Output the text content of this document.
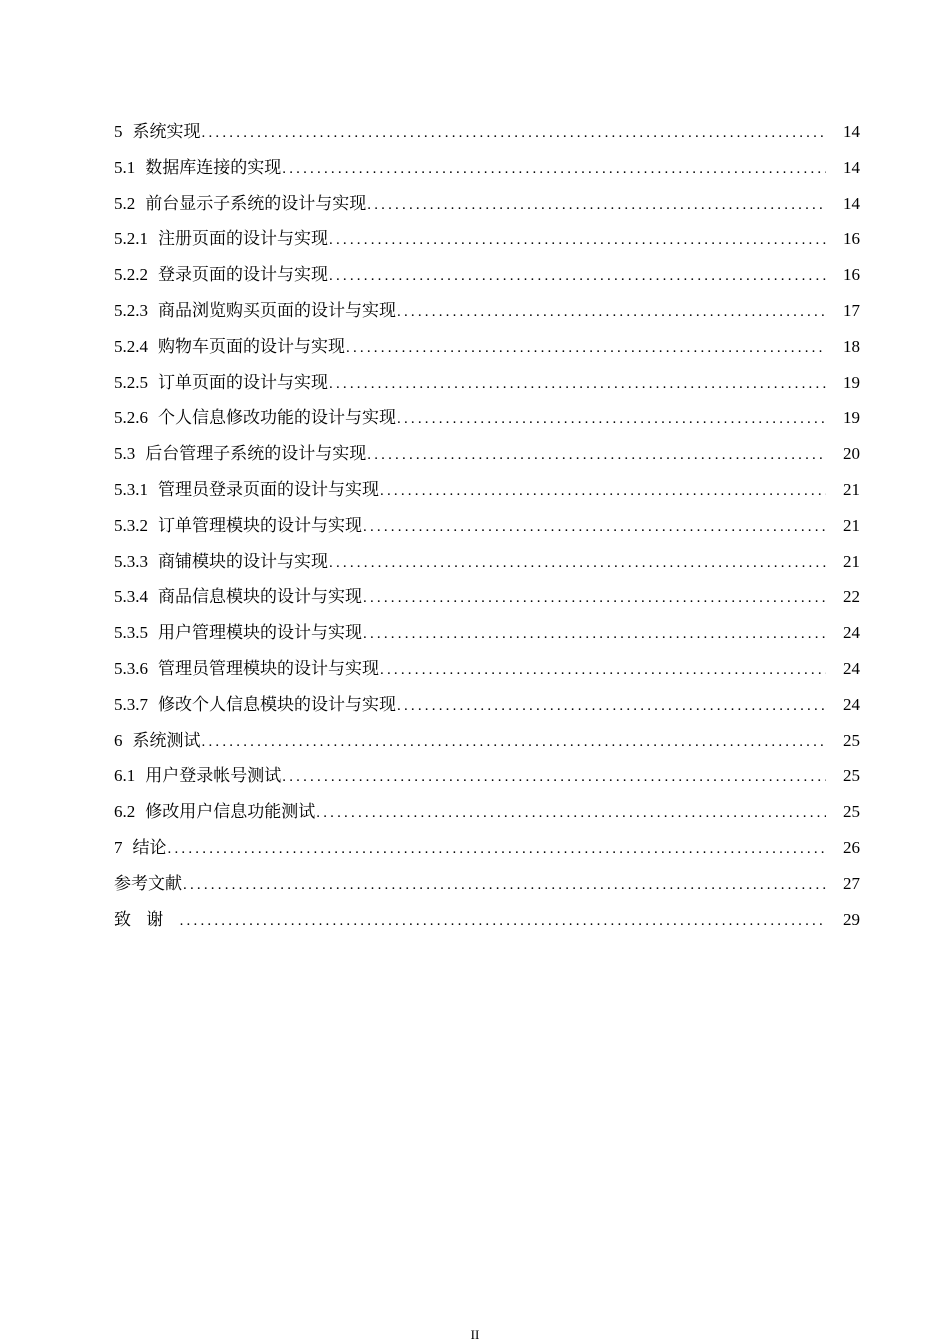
5 系统实现 .....	14
5.1 数据库连接的实现 .....	14
5.2 前台显示子系统的设计与实现 .....	14
5.2.1 注册页面的设计与实现 .....	16
5.2.2 登录页面的设计与实现 .....	16
5.2.3 商品浏览购买页面的设计与实现 .....	17
5.2.4 购物车页面的设计与实现 .....	18
5.2.5 订单页面的设计与实现 .....	19
5.2.6 个人信息修改功能的设计与实现 .....	19
5.3 后台管理子系统的设计与实现 .....	20
5.3.1 管理员登录页面的设计与实现 .....	21
5.3.2 订单管理模块的设计与实现 .....	21
5.3.3 商铺模块的设计与实现 .....	21
5.3.4 商品信息模块的设计与实现 .....	22
5.3.5 用户管理模块的设计与实现 .....	24
5.3.6 管理员管理模块的设计与实现 .....	24
5.3.7 修改个人信息模块的设计与实现 .....	24
6 系统测试 .....	25
6.1 用户登录帐号测试 .....	25
6.2 修改用户信息功能测试 .....	25
7 结论 .....	26
参考文献 .....	27
致谢 .....	29
II
